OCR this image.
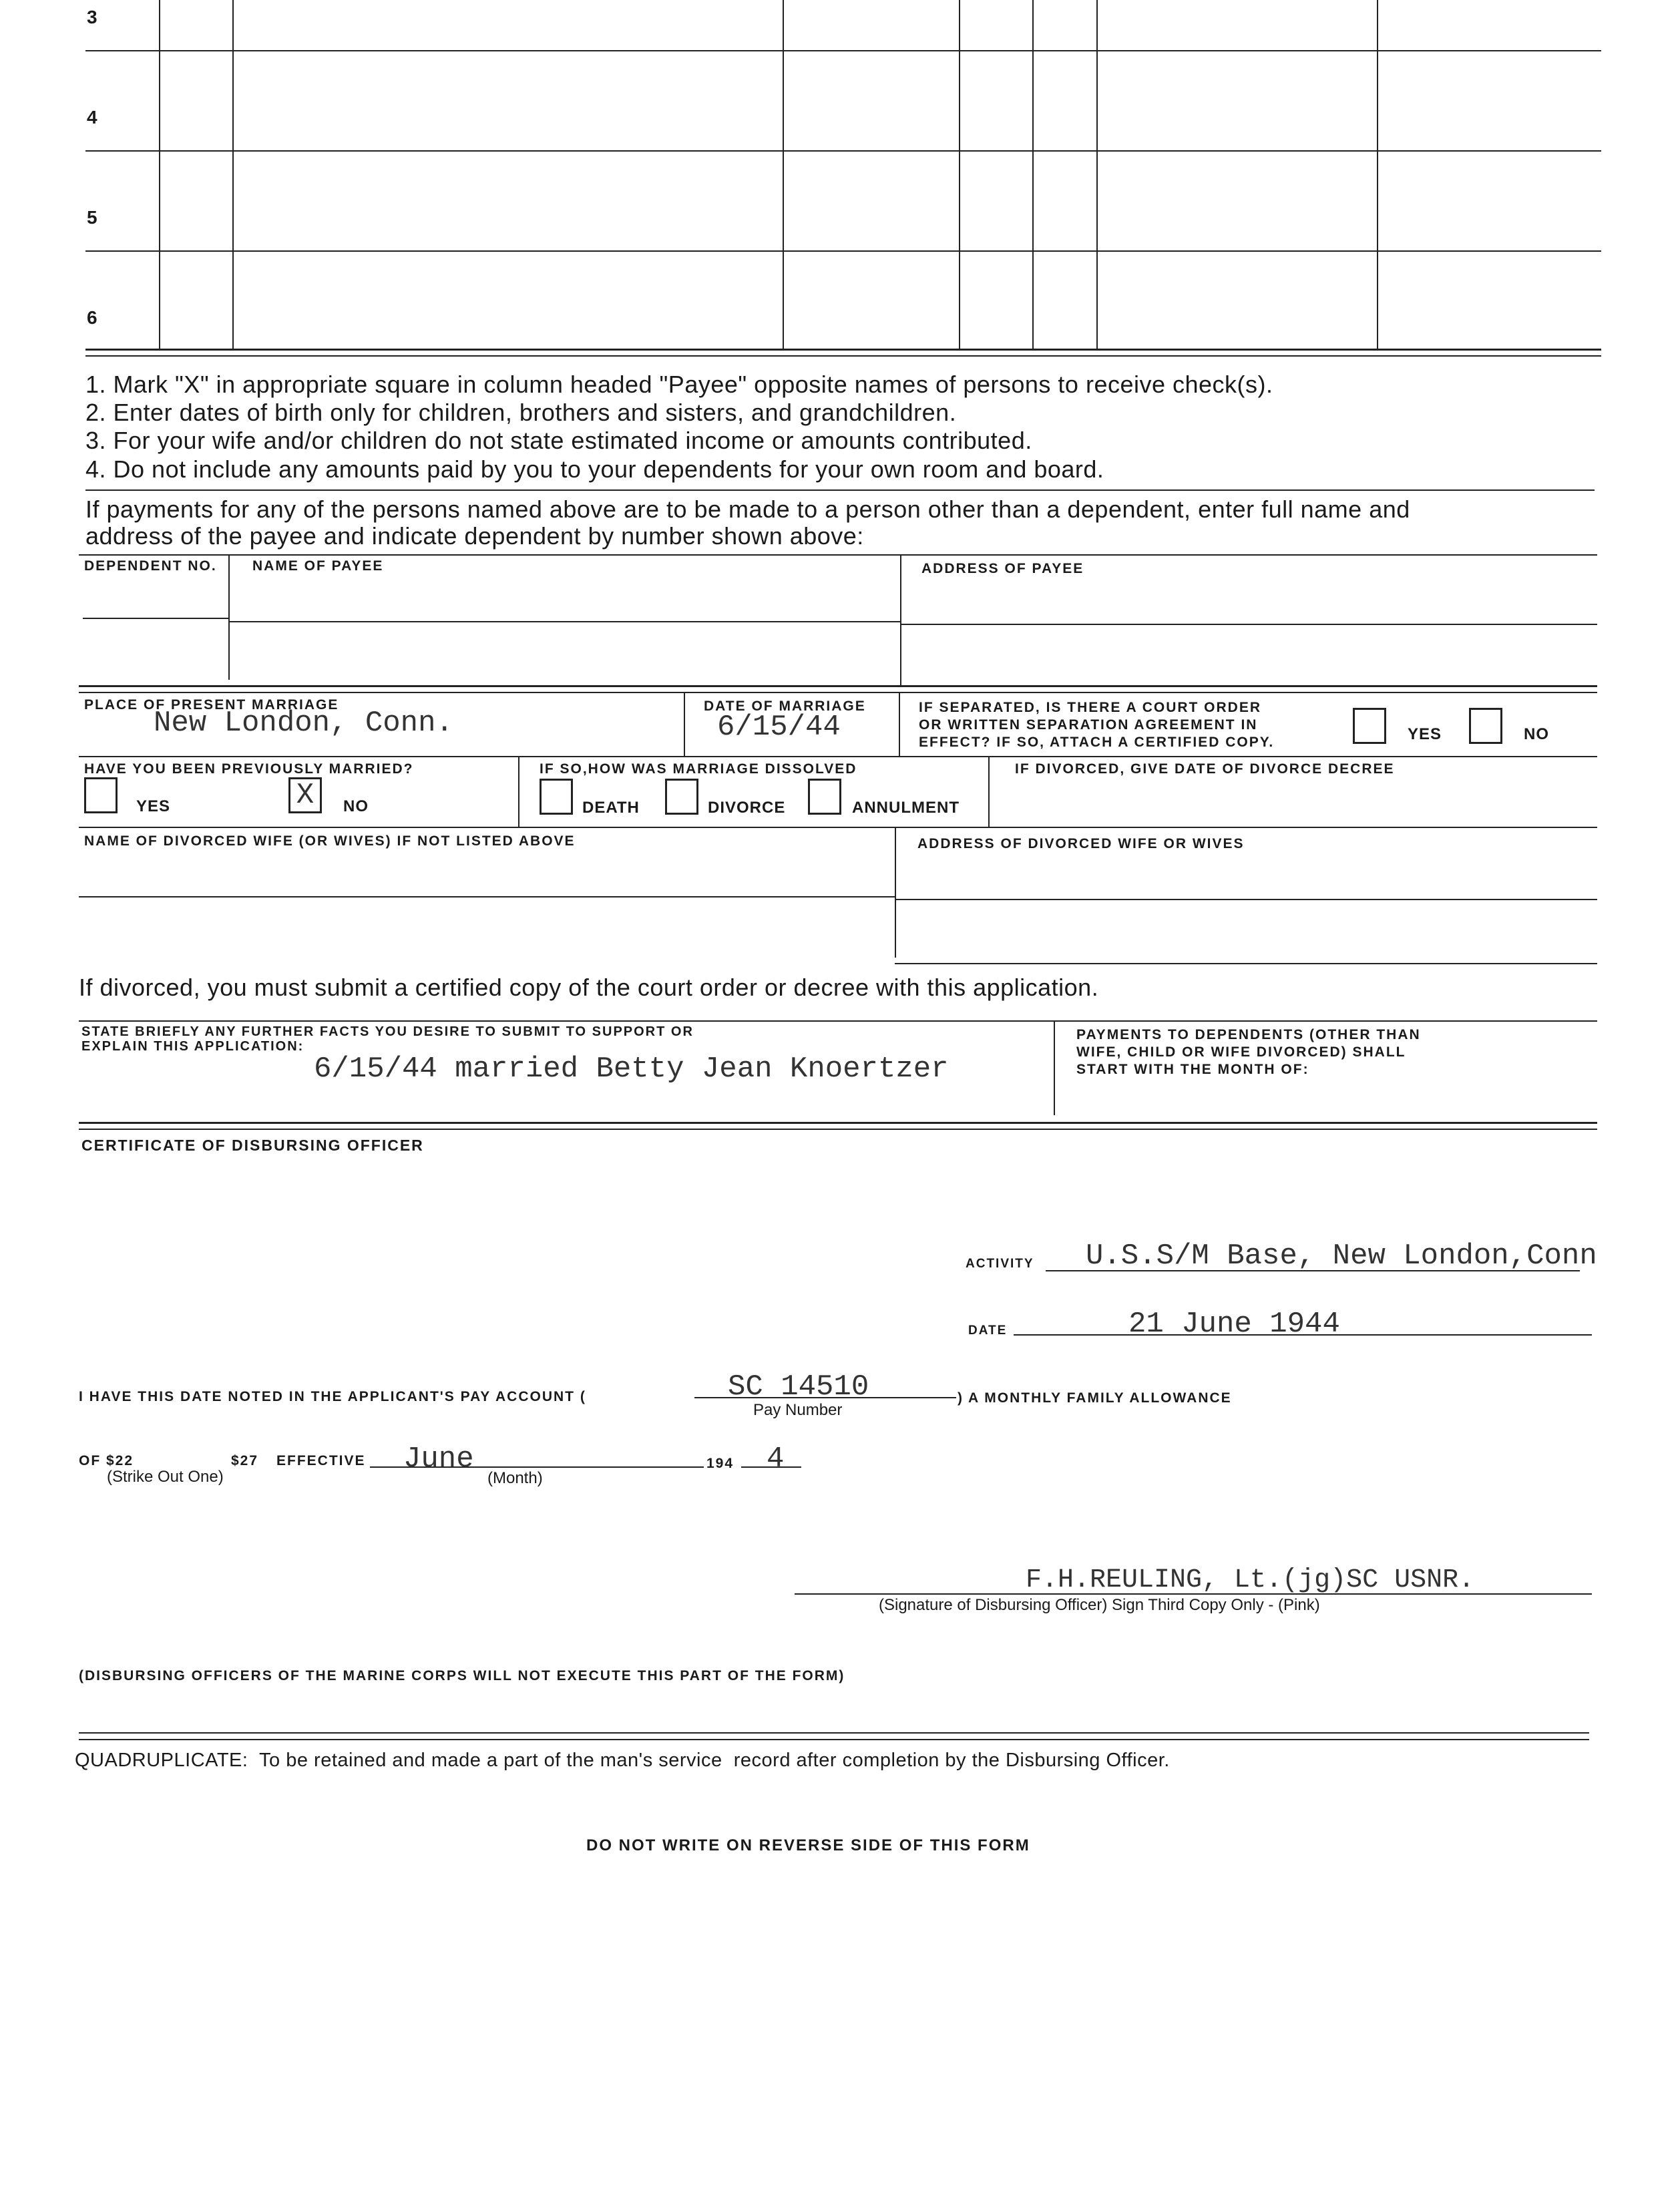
3
4
5
6
1. Mark "X" in appropriate square in column headed "Payee" opposite names of persons to receive check(s).
2. Enter dates of birth only for children, brothers and sisters, and grandchildren.
3. For your wife and/or children do not state estimated income or amounts contributed.
4. Do not include any amounts paid by you to your dependents for your own room and board.
If payments for any of the persons named above are to be made to a person other than a dependent, enter full name and
address of the payee and indicate dependent by number shown above:
DEPENDENT NO.	NAME OF PAYEE	ADDRESS OF PAYEE
PLACE OF PRESENT MARRIAGE
New London, Conn.
DATE OF MARRIAGE
6/15/44
IF SEPARATED, IS THERE A COURT ORDER
OR WRITTEN SEPARATION AGREEMENT IN
EFFECT? IF SO, ATTACH A CERTIFIED COPY.	YES	NO
HAVE YOU BEEN PREVIOUSLY MARRIED?
YES	X	NO
IF SO,HOW WAS MARRIAGE DISSOLVED
DEATH	DIVORCE	ANNULMENT
IF DIVORCED, GIVE DATE OF DIVORCE DECREE
NAME OF DIVORCED WIFE (OR WIVES) IF NOT LISTED ABOVE	ADDRESS OF DIVORCED WIFE OR WIVES
If divorced, you must submit a certified copy of the court order or decree with this application.
STATE BRIEFLY ANY FURTHER FACTS YOU DESIRE TO SUBMIT TO SUPPORT OR
EXPLAIN THIS APPLICATION:
6/15/44 married Betty Jean Knoertzer
PAYMENTS TO DEPENDENTS (OTHER THAN
WIFE, CHILD OR WIFE DIVORCED) SHALL
START WITH THE MONTH OF:
CERTIFICATE OF DISBURSING OFFICER
ACTIVITY U.S.S/M Base, New London,Conn
DATE	21 June 1944
I HAVE THIS DATE NOTED IN THE APPLICANT'S PAY ACCOUNT (	SC 14510
Pay Number
) A MONTHLY FAMILY ALLOWANCE
OF $22	$27 EFFECTIVE
(Strike Out One)
June
(Month)
194 4
F.H.REULING, Lt.(jg)SC USNR.
(Signature of Disbursing Officer) Sign Third Copy Only - (Pink)
(DISBURSING OFFICERS OF THE MARINE CORPS WILL NOT EXECUTE THIS PART OF THE FORM)
QUADRUPLICATE:  To be retained and made a part of the man's service  record after completion by the Disbursing Officer.
DO NOT WRITE ON REVERSE SIDE OF THIS FORM
